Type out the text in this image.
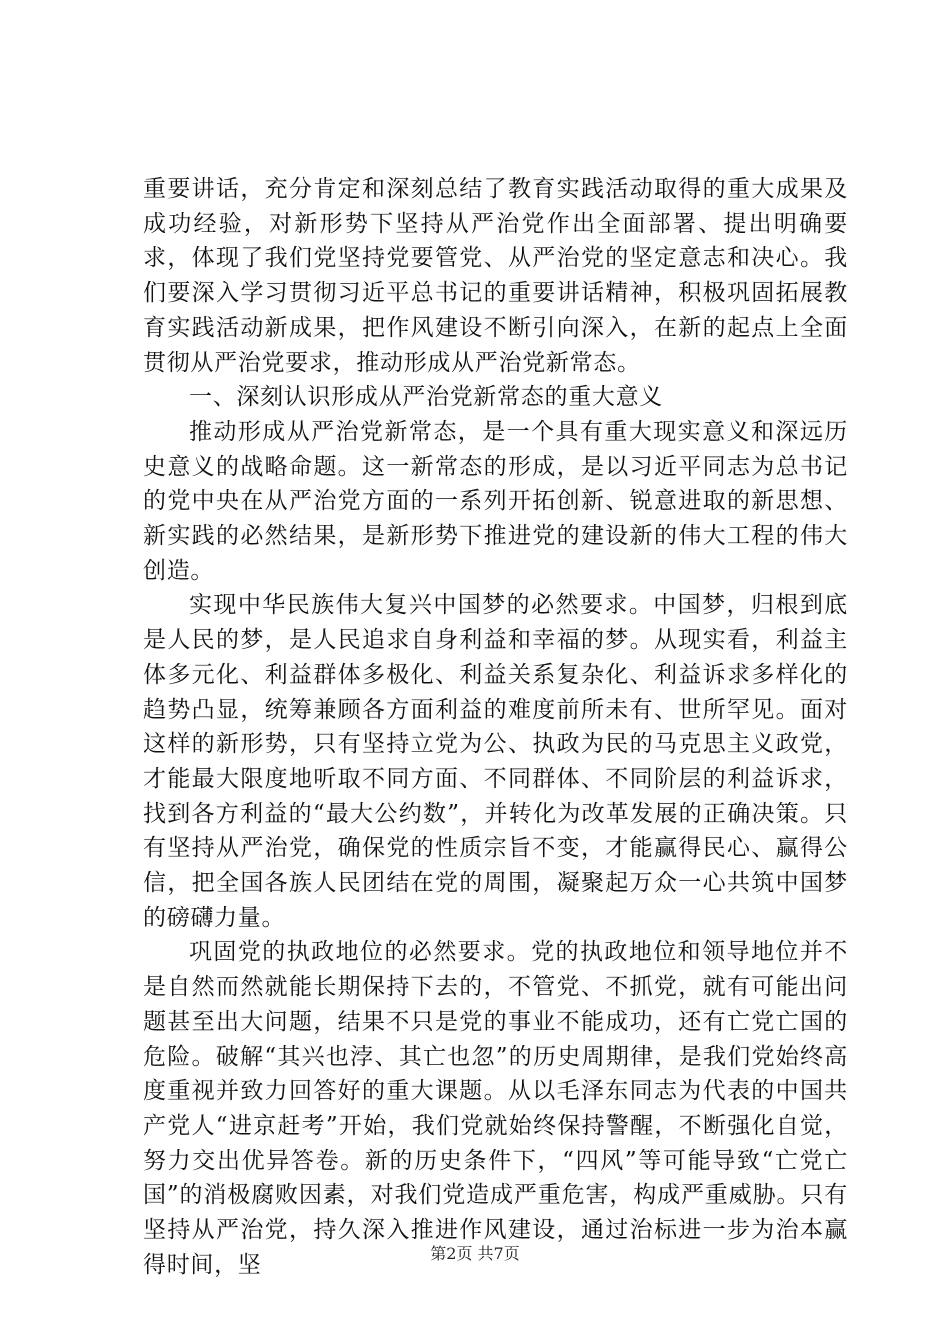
重要讲话，充分肯定和深刻总结了教育实践活动取得的重大成果及成功经验，对新形势下坚持从严治党作出全面部署、提出明确要求，体现了我们党坚持党要管党、从严治党的坚定意志和决心。我们要深入学习贯彻习近平总书记的重要讲话精神，积极巩固拓展教育实践活动新成果，把作风建设不断引向深入，在新的起点上全面贯彻从严治党要求，推动形成从严治党新常态。

一、深刻认识形成从严治党新常态的重大意义

推动形成从严治党新常态，是一个具有重大现实意义和深远历史意义的战略命题。这一新常态的形成，是以习近平同志为总书记的党中央在从严治党方面的一系列开拓创新、锐意进取的新思想、新实践的必然结果，是新形势下推进党的建设新的伟大工程的伟大创造。

实现中华民族伟大复兴中国梦的必然要求。中国梦，归根到底是人民的梦，是人民追求自身利益和幸福的梦。从现实看，利益主体多元化、利益群体多极化、利益关系复杂化、利益诉求多样化的趋势凸显，统筹兼顾各方面利益的难度前所未有、世所罕见。面对这样的新形势，只有坚持立党为公、执政为民的马克思主义政党，才能最大限度地听取不同方面、不同群体、不同阶层的利益诉求，找到各方利益的“最大公约数”，并转化为改革发展的正确决策。只有坚持从严治党，确保党的性质宗旨不变，才能赢得民心、赢得公信，把全国各族人民团结在党的周围，凝聚起万众一心共筑中国梦的磅礴力量。

巩固党的执政地位的必然要求。党的执政地位和领导地位并不是自然而然就能长期保持下去的，不管党、不抓党，就有可能出问题甚至出大问题，结果不只是党的事业不能成功，还有亡党亡国的危险。破解“其兴也浡、其亡也忽”的历史周期律，是我们党始终高度重视并致力回答好的重大课题。从以毛泽东同志为代表的中国共产党人“进京赶考”开始，我们党就始终保持警醒，不断强化自觉，努力交出优异答卷。新的历史条件下，“四风”等可能导致“亡党亡国”的消极腐败因素，对我们党造成严重危害，构成严重威胁。只有坚持从严治党，持久深入推进作风建设，通过治标进一步为治本赢得时间，坚	第2页 共7页
